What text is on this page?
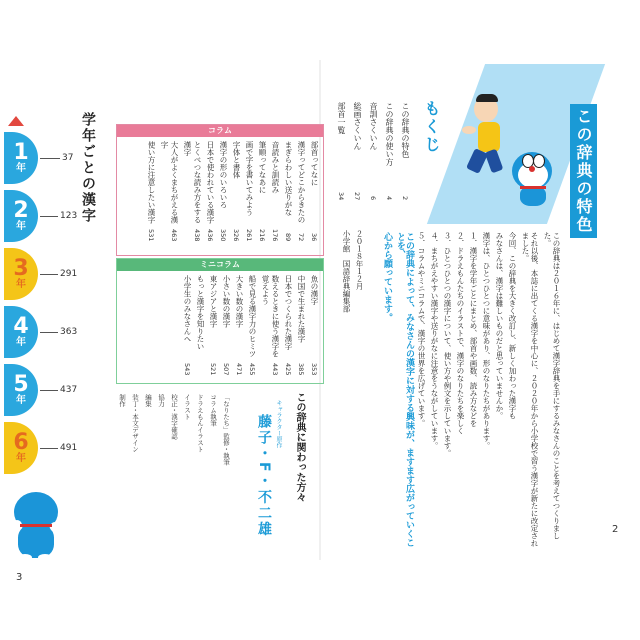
3
1
年
2
年
3
年
4
年
5
年
6
年
37
123
291
363
437
491
学年ごとの漢字	コラム
部首ってなに
36
漢字ってどこからきたの
72
まぎらわしい送りがな
89
音読みと訓読み
176
筆順ってなあに
216
画で字を書いてみよう
261
字体と書体
326
漢字の形のいろいろ
350
日本で使われている漢字
436
とくべつな読み方をする漢字
438
大人がよくまちがえる漢字
463
使い方に注意したい漢字
531
ミニコラム
魚の漢字
353
中国で生まれた漢字
385
日本でつくられた漢字
425
数えるときに使う漢字を覚えよう
443
船で見る漢字力のヒミツ
455
大きい数の漢字
471
小さい数の漢字
507
東アジアと漢字
521
もっと漢字を知りたい
小学生のみなさんへ
543
この辞典に関わった方々
キャラクター原作
藤子・F・不二雄
「なりたち」監修・執筆
コラム執筆
ドラえもんイラスト
イラスト
校正・漢字確認
協力
編集
装丁・本文デザイン
制作
2
この辞典の特色
もくじ
この辞典の特色
2
この辞典の使い方
4
音訓さくいん
6
総画さくいん
27
部首一覧
34
この辞典は２０１６年に、はじめて漢字辞典を手にするみなさんのことを考えてつくりました。
それ以後、本誌に出てくる漢字を中心に、２０２０年から小学校で習う漢字が新たに改定されました。
今回、この辞典を大きく改訂し、新しく加わった漢字も
みなさんは、漢字は難しいものだと思っていませんか。
漢字は、ひとつひとつに意味があり、形のなりたちがあります。
１．漢字を学年ごとにまとめ、部首や画数、読み方などを
２．ドラえもんたちのイラストで、漢字のなりたちを楽しく
３．ひとつひとつの漢字について、使い方や例文を示しています。
４．まちがえやすい漢字や送りがなに注意をうながしています。
５．コラムやミニコラムで、漢字の世界を広げています。
この辞典によって、みなさんの漢字に対する興味が、ますます広がっていくことを、
心から願っています。
２０１８年１２月
小学館　国語辞典編集部
